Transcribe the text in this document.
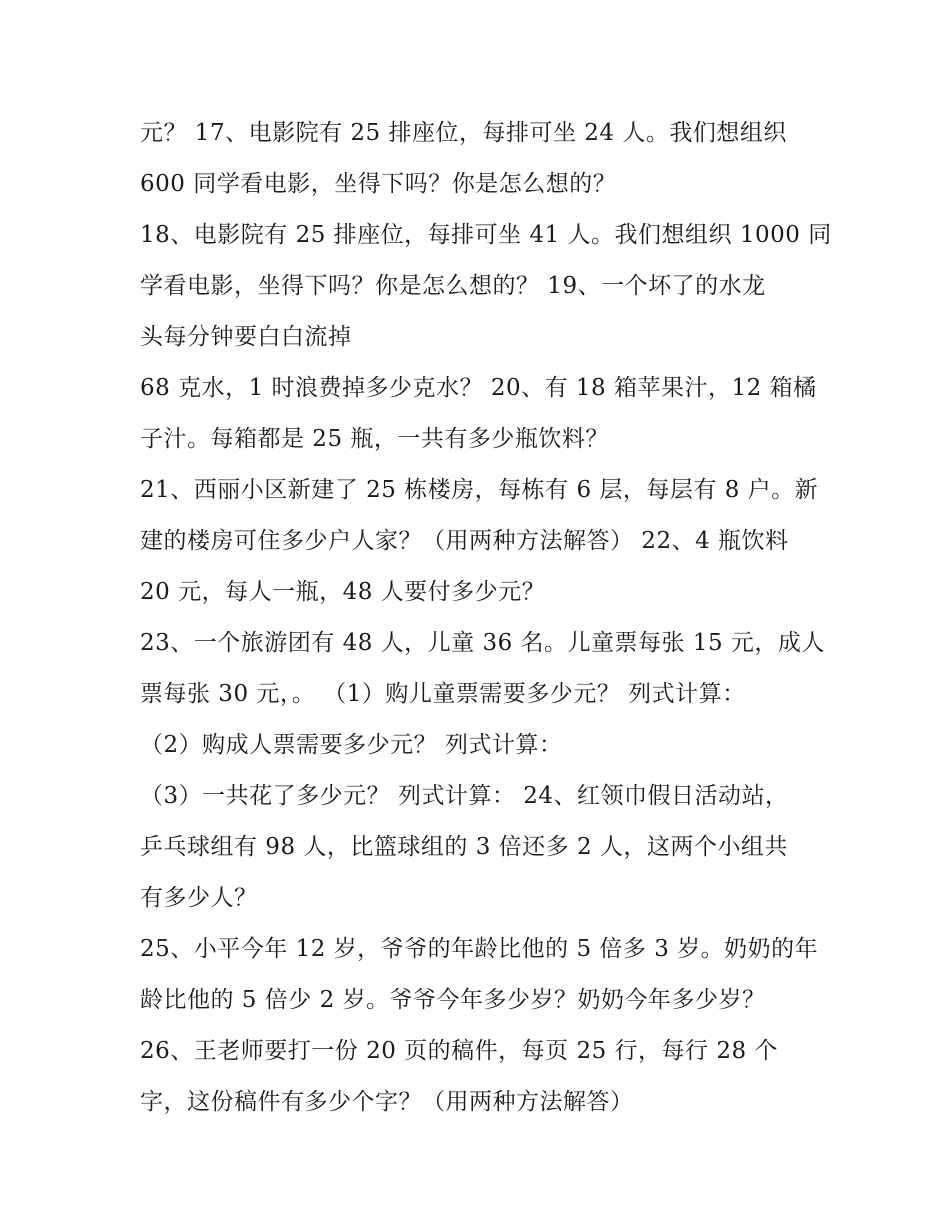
元？ 17、电影院有 25 排座位，每排可坐 24 人。我们想组织
600 同学看电影，坐得下吗？你是怎么想的？
18、电影院有 25 排座位，每排可坐 41 人。我们想组织 1000 同
学看电影，坐得下吗？你是怎么想的？ 19、一个坏了的水龙
头每分钟要白白流掉
68 克水，1 时浪费掉多少克水？ 20、有 18 箱苹果汁，12 箱橘
子汁。每箱都是 25 瓶，一共有多少瓶饮料？
21、西丽小区新建了 25 栋楼房，每栋有 6 层，每层有 8 户。新
建的楼房可住多少户人家？（用两种方法解答） 22、4 瓶饮料
20 元，每人一瓶，48 人要付多少元？
23、一个旅游团有 48 人，儿童 36 名。儿童票每张 15 元，成人
票每张 30 元，。 （1）购儿童票需要多少元？ 列式计算：
（2）购成人票需要多少元？ 列式计算：
（3）一共花了多少元？ 列式计算： 24、红领巾假日活动站，
乒乓球组有 98 人，比篮球组的 3 倍还多 2 人，这两个小组共
有多少人？
25、小平今年 12 岁，爷爷的年龄比他的 5 倍多 3 岁。奶奶的年
龄比他的 5 倍少 2 岁。爷爷今年多少岁？奶奶今年多少岁？
26、王老师要打一份 20 页的稿件，每页 25 行，每行 28 个
字，这份稿件有多少个字？（用两种方法解答）
